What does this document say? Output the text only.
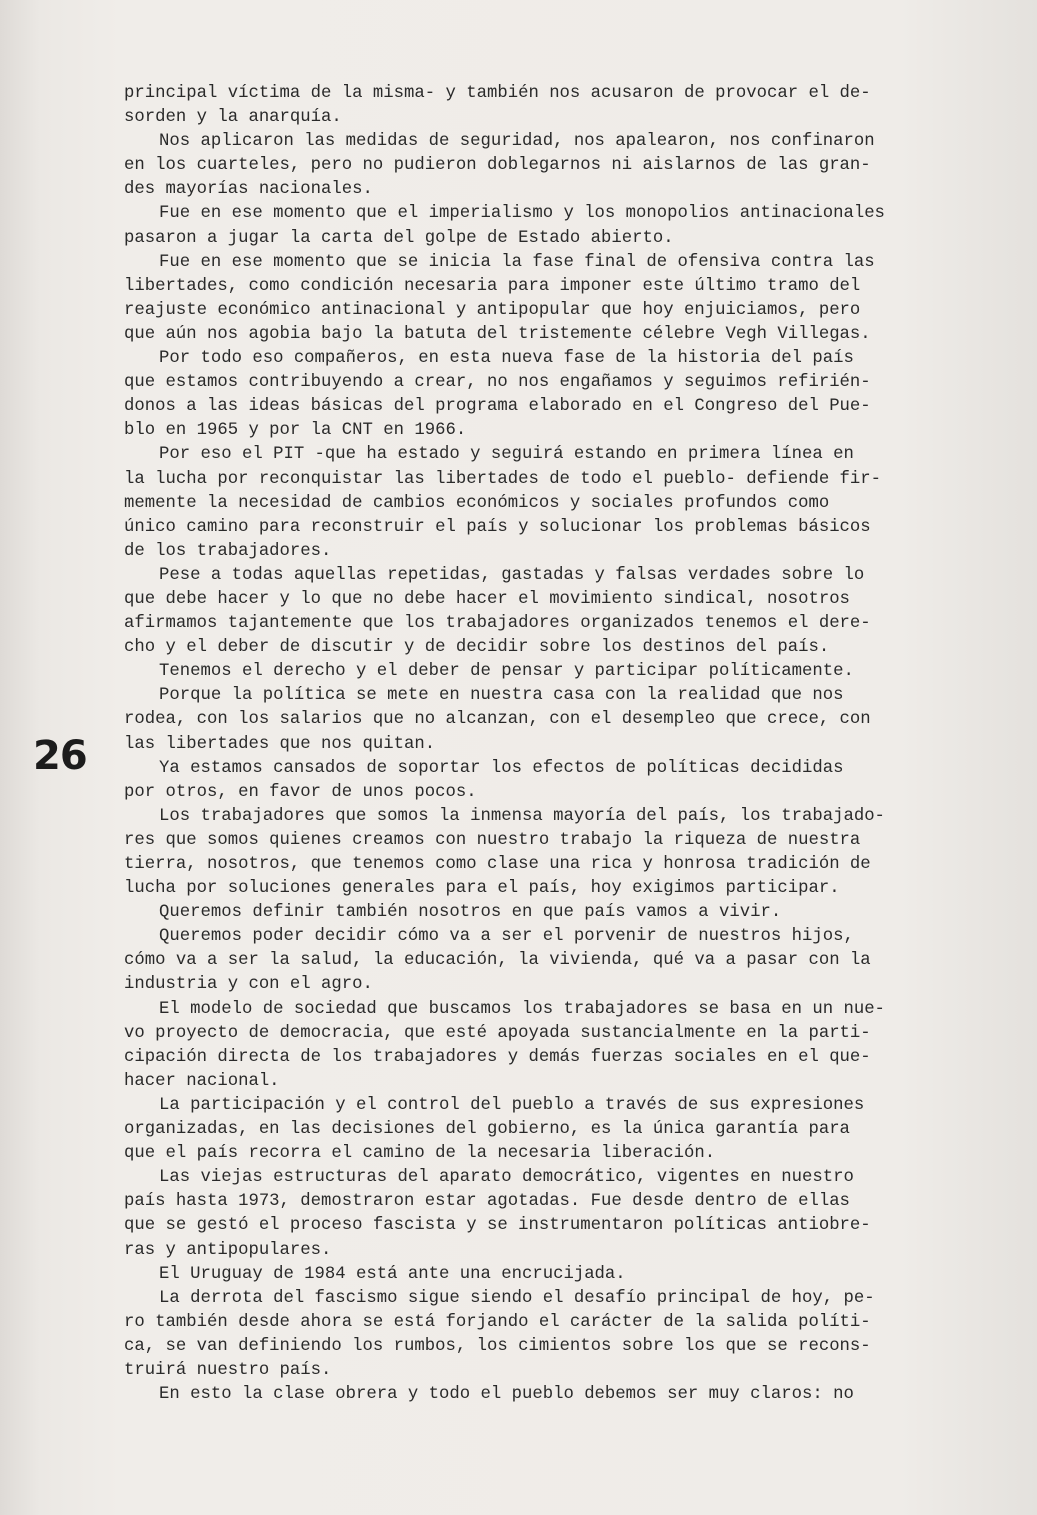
26
principal víctima de la misma- y también nos acusaron de provocar el de-
sorden y la anarquía.
Nos aplicaron las medidas de seguridad, nos apalearon, nos confinaron
en los cuarteles, pero no pudieron doblegarnos ni aislarnos de las gran-
des mayorías nacionales.
Fue en ese momento que el imperialismo y los monopolios antinacionales
pasaron a jugar la carta del golpe de Estado abierto.
Fue en ese momento que se inicia la fase final de ofensiva contra las
libertades, como condición necesaria para imponer este último tramo del
reajuste económico antinacional y antipopular que hoy enjuiciamos, pero
que aún nos agobia bajo la batuta del tristemente célebre Vegh Villegas.
Por todo eso compañeros, en esta nueva fase de la historia del país
que estamos contribuyendo a crear, no nos engañamos y seguimos refirién-
donos a las ideas básicas del programa elaborado en el Congreso del Pue-
blo en 1965 y por la CNT en 1966.
Por eso el PIT -que ha estado y seguirá estando en primera línea en
la lucha por reconquistar las libertades de todo el pueblo- defiende fir-
memente la necesidad de cambios económicos y sociales profundos como
único camino para reconstruir el país y solucionar los problemas básicos
de los trabajadores.
Pese a todas aquellas repetidas, gastadas y falsas verdades sobre lo
que debe hacer y lo que no debe hacer el movimiento sindical, nosotros
afirmamos tajantemente que los trabajadores organizados tenemos el dere-
cho y el deber de discutir y de decidir sobre los destinos del país.
Tenemos el derecho y el deber de pensar y participar políticamente.
Porque la política se mete en nuestra casa con la realidad que nos
rodea, con los salarios que no alcanzan, con el desempleo que crece, con
las libertades que nos quitan.
Ya estamos cansados de soportar los efectos de políticas decididas
por otros, en favor de unos pocos.
Los trabajadores que somos la inmensa mayoría del país, los trabajado-
res que somos quienes creamos con nuestro trabajo la riqueza de nuestra
tierra, nosotros, que tenemos como clase una rica y honrosa tradición de
lucha por soluciones generales para el país, hoy exigimos participar.
Queremos definir también nosotros en que país vamos a vivir.
Queremos poder decidir cómo va a ser el porvenir de nuestros hijos,
cómo va a ser la salud, la educación, la vivienda, qué va a pasar con la
industria y con el agro.
El modelo de sociedad que buscamos los trabajadores se basa en un nue-
vo proyecto de democracia, que esté apoyada sustancialmente en la parti-
cipación directa de los trabajadores y demás fuerzas sociales en el que-
hacer nacional.
La participación y el control del pueblo a través de sus expresiones
organizadas, en las decisiones del gobierno, es la única garantía para
que el país recorra el camino de la necesaria liberación.
Las viejas estructuras del aparato democrático, vigentes en nuestro
país hasta 1973, demostraron estar agotadas. Fue desde dentro de ellas
que se gestó el proceso fascista y se instrumentaron políticas antiobre-
ras y antipopulares.
El Uruguay de 1984 está ante una encrucijada.
La derrota del fascismo sigue siendo el desafío principal de hoy, pe-
ro también desde ahora se está forjando el carácter de la salida políti-
ca, se van definiendo los rumbos, los cimientos sobre los que se recons-
truirá nuestro país.
En esto la clase obrera y todo el pueblo debemos ser muy claros: no
